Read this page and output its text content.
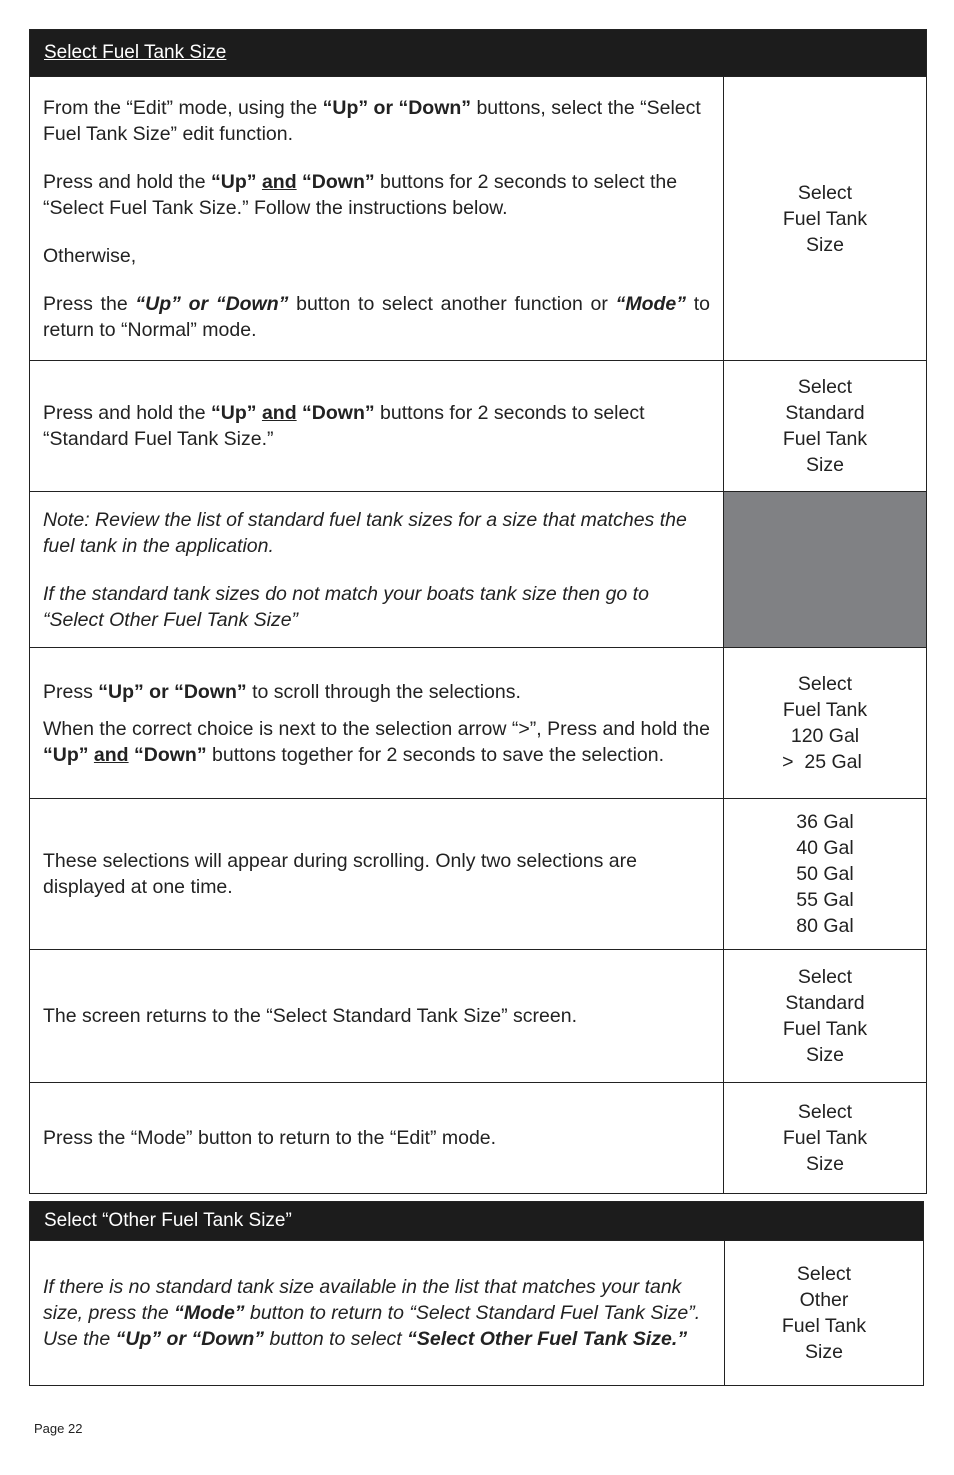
Select Fuel Tank Size

From the “Edit” mode, using the “Up” or “Down” buttons, select the “Select Fuel Tank Size” edit function.

Press and hold the “Up” and “Down” buttons for 2 seconds to select the “Select Fuel Tank Size.” Follow the instructions below.

Otherwise,

Press the “Up” or “Down” button to select another function or “Mode” to return to “Normal” mode.

Select
Fuel Tank
Size

Press and hold the “Up” and “Down” buttons for 2 seconds to select “Standard Fuel Tank Size.”

Select
Standard
Fuel Tank
Size

Note: Review the list of standard fuel tank sizes for a size that matches the fuel tank in the application.

If the standard tank sizes do not match your boats tank size then go to “Select Other Fuel Tank Size”

Press “Up” or “Down” to scroll through the selections.

When the correct choice is next to the selection arrow “>”, Press and hold the “Up” and “Down” buttons together for 2 seconds to save the selection.

Select
Fuel Tank
120 Gal
>  25 Gal

These selections will appear during scrolling. Only two selections are displayed at one time.

36 Gal
40 Gal
50 Gal
55 Gal
80 Gal

The screen returns to the “Select Standard Tank Size” screen.

Select
Standard
Fuel Tank
Size

Press the “Mode” button to return to the “Edit” mode.

Select
Fuel Tank
Size
Select “Other Fuel Tank Size”

If there is no standard tank size available in the list that matches your tank size, press the “Mode” button to return to “Select Standard Fuel Tank Size”. Use the “Up” or “Down” button to select “Select Other Fuel Tank Size.”

Select
Other
Fuel Tank
Size
Page 22
